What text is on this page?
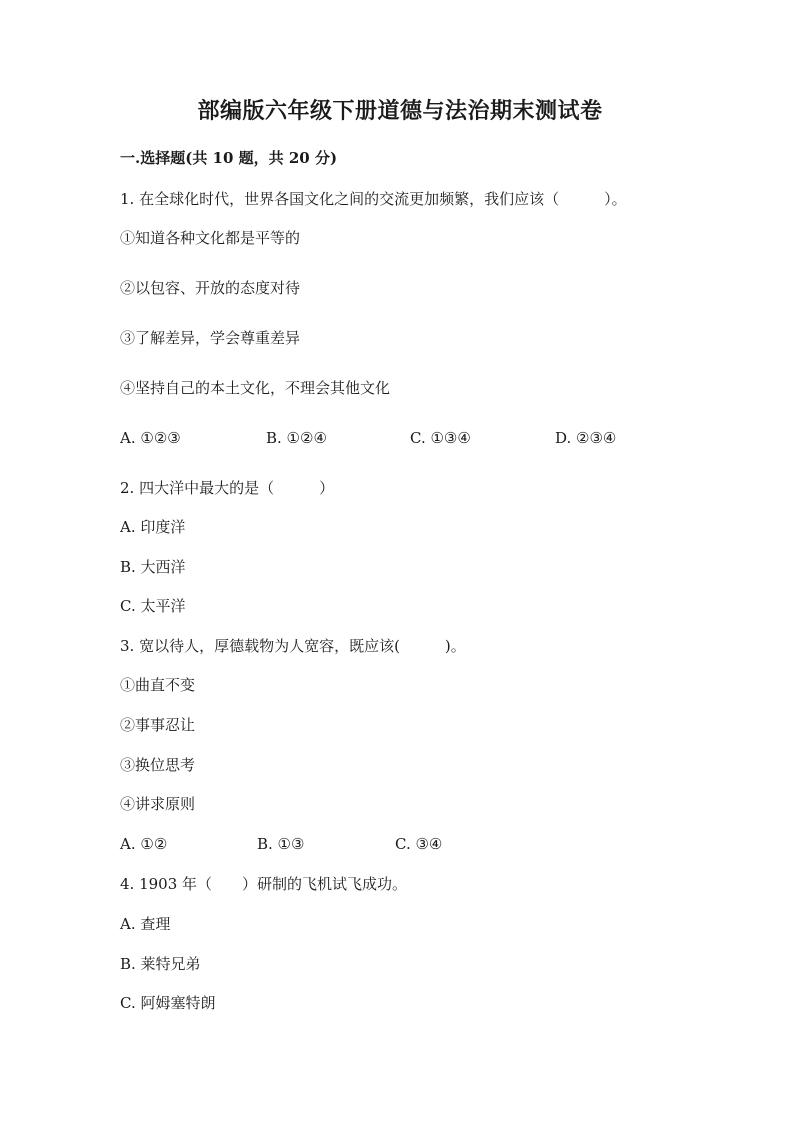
部编版六年级下册道德与法治期末测试卷
一.选择题(共 10 题，共 20 分)
1. 在全球化时代，世界各国文化之间的交流更加频繁，我们应该（　　　）。
①知道各种文化都是平等的
②以包容、开放的态度对待
③了解差异，学会尊重差异
④坚持自己的本土文化，不理会其他文化
A. ①②③	B. ①②④	C. ①③④	D. ②③④
2. 四大洋中最大的是（　　　）
A. 印度洋
B. 大西洋
C. 太平洋
3. 宽以待人，厚德载物为人宽容，既应该(　　　)。
①曲直不变
②事事忍让
③换位思考
④讲求原则
A. ①②	B. ①③	C. ③④
4. 1903 年（　　）研制的飞机试飞成功。
A. 查理
B. 莱特兄弟
C. 阿姆塞特朗
